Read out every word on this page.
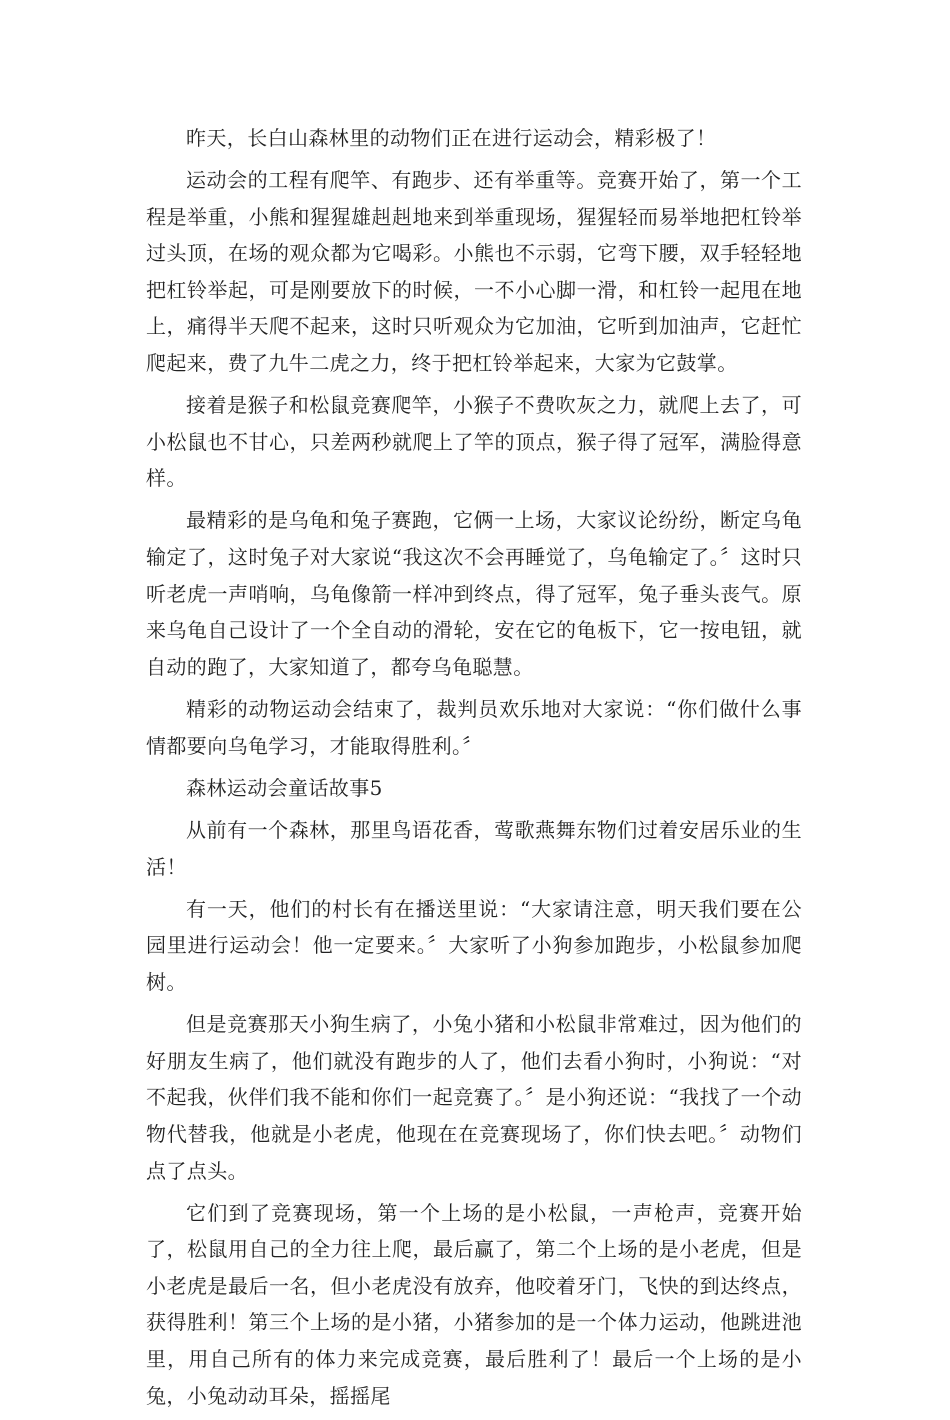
昨天，长白山森林里的动物们正在进行运动会，精彩极了！

运动会的工程有爬竿、有跑步、还有举重等。竞赛开始了，第一个工程是举重，小熊和猩猩雄赳赳地来到举重现场，猩猩轻而易举地把杠铃举过头顶，在场的观众都为它喝彩。小熊也不示弱，它弯下腰，双手轻轻地把杠铃举起，可是刚要放下的时候，一不小心脚一滑，和杠铃一起甩在地上，痛得半天爬不起来，这时只听观众为它加油，它听到加油声，它赶忙爬起来，费了九牛二虎之力，终于把杠铃举起来，大家为它鼓掌。

接着是猴子和松鼠竞赛爬竿，小猴子不费吹灰之力，就爬上去了，可小松鼠也不甘心，只差两秒就爬上了竿的顶点，猴子得了冠军，满脸得意样。

最精彩的是乌龟和兔子赛跑，它俩一上场，大家议论纷纷，断定乌龟输定了，这时兔子对大家说“我这次不会再睡觉了，乌龟输定了。〞这时只听老虎一声哨响，乌龟像箭一样冲到终点，得了冠军，兔子垂头丧气。原来乌龟自己设计了一个全自动的滑轮，安在它的龟板下，它一按电钮，就自动的跑了，大家知道了，都夸乌龟聪慧。

精彩的动物运动会结束了，裁判员欢乐地对大家说：“你们做什么事情都要向乌龟学习，才能取得胜利。〞

森林运动会童话故事5

从前有一个森林，那里鸟语花香，莺歌燕舞东物们过着安居乐业的生活！

有一天，他们的村长有在播送里说：“大家请注意，明天我们要在公园里进行运动会！他一定要来。〞大家听了小狗参加跑步，小松鼠参加爬树。

但是竞赛那天小狗生病了，小兔小猪和小松鼠非常难过，因为他们的好朋友生病了，他们就没有跑步的人了，他们去看小狗时，小狗说：“对不起我，伙伴们我不能和你们一起竞赛了。〞是小狗还说：“我找了一个动物代替我，他就是小老虎，他现在在竞赛现场了，你们快去吧。〞动物们点了点头。

它们到了竞赛现场，第一个上场的是小松鼠，一声枪声，竞赛开始了，松鼠用自己的全力往上爬，最后赢了，第二个上场的是小老虎，但是小老虎是最后一名，但小老虎没有放弃，他咬着牙门，飞快的到达终点，获得胜利！第三个上场的是小猪，小猪参加的是一个体力运动，他跳进池里，用自己所有的体力来完成竞赛，最后胜利了！最后一个上场的是小兔，小兔动动耳朵，摇摇尾
